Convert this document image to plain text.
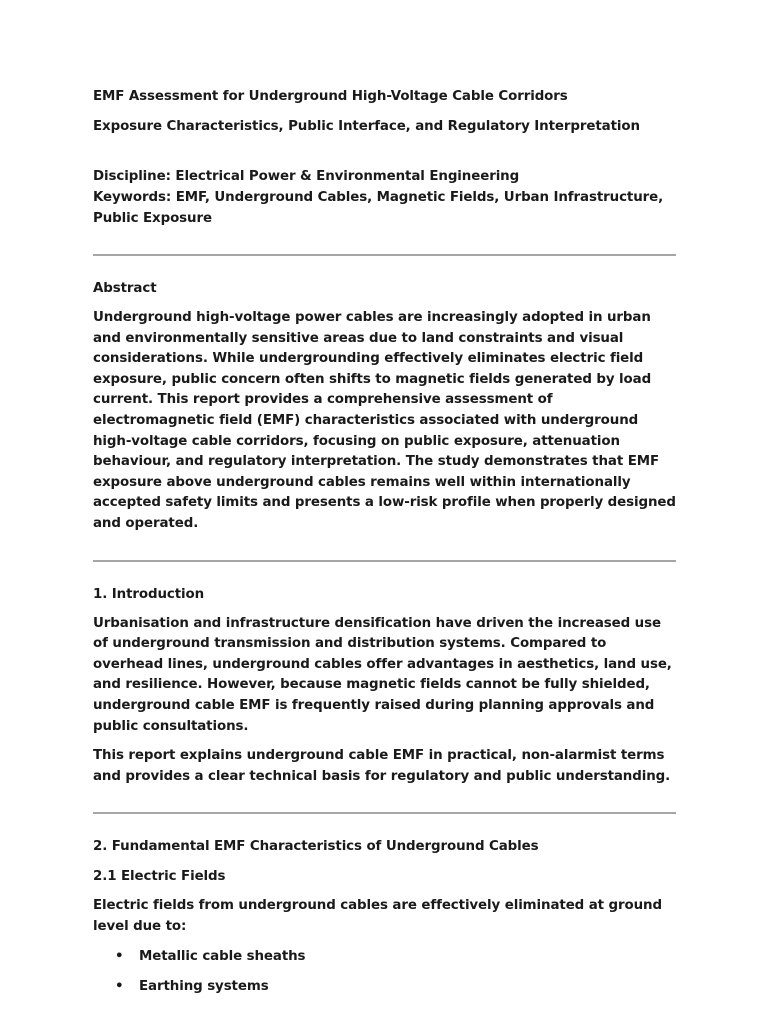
EMF Assessment for Underground High-Voltage Cable Corridors

Exposure Characteristics, Public Interface, and Regulatory Interpretation

Discipline: Electrical Power & Environmental Engineering

Keywords: EMF, Underground Cables, Magnetic Fields, Urban Infrastructure, Public Exposure

Abstract

Underground high-voltage power cables are increasingly adopted in urban and environmentally sensitive areas due to land constraints and visual considerations. While undergrounding effectively eliminates electric field exposure, public concern often shifts to magnetic fields generated by load current. This report provides a comprehensive assessment of electromagnetic field (EMF) characteristics associated with underground high-voltage cable corridors, focusing on public exposure, attenuation behaviour, and regulatory interpretation. The study demonstrates that EMF exposure above underground cables remains well within internationally accepted safety limits and presents a low-risk profile when properly designed and operated.

1. Introduction

Urbanisation and infrastructure densification have driven the increased use of underground transmission and distribution systems. Compared to overhead lines, underground cables offer advantages in aesthetics, land use, and resilience. However, because magnetic fields cannot be fully shielded, underground cable EMF is frequently raised during planning approvals and public consultations.

This report explains underground cable EMF in practical, non-alarmist terms and provides a clear technical basis for regulatory and public understanding.

2. Fundamental EMF Characteristics of Underground Cables

2.1 Electric Fields

Electric fields from underground cables are effectively eliminated at ground level due to:

• Metallic cable sheaths
• Earthing systems
